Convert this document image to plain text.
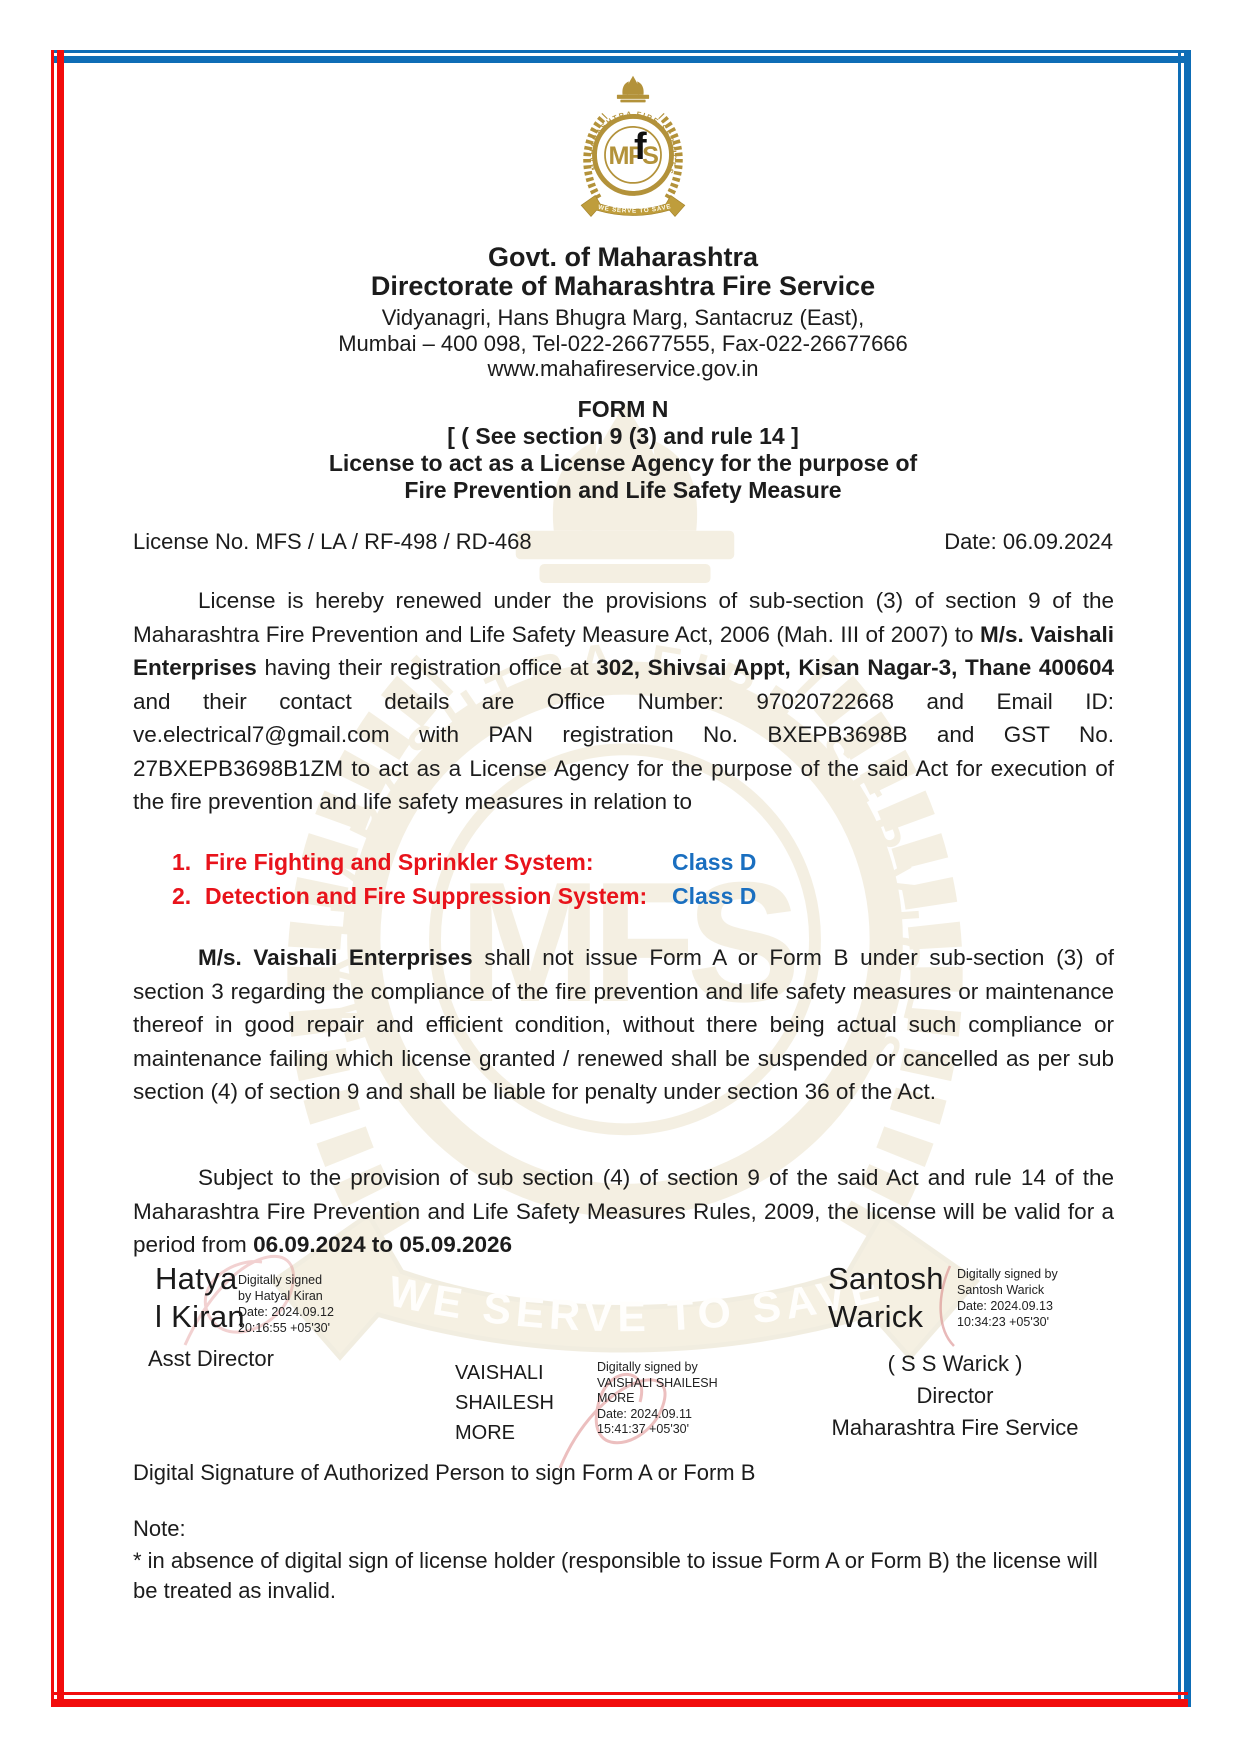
f
Govt. of Maharashtra
Directorate of Maharashtra Fire Service
Vidyanagri, Hans Bhugra Marg, Santacruz (East),
Mumbai – 400 098, Tel-022-26677555, Fax-022-26677666
www.mahafireservice.gov.in
FORM N
[ ( See section 9 (3) and rule 14 ]
License to act as a License Agency for the purpose of
Fire Prevention and Life Safety Measure
License No. MFS / LA / RF-498 / RD-468	Date: 06.09.2024
License is hereby renewed under the provisions of sub-section (3) of section 9 of the Maharashtra Fire Prevention and Life Safety Measure Act, 2006 (Mah. III of 2007) to M/s. Vaishali Enterprises having their registration office at 302, Shivsai Appt, Kisan Nagar-3, Thane 400604 and their contact details are Office Number: 97020722668 and Email ID: ve.electrical7@gmail.com with PAN registration No. BXEPB3698B and GST No. 27BXEPB3698B1ZM to act as a License Agency for the purpose of the said Act for execution of the fire prevention and life safety measures in relation to
1. Fire Fighting and Sprinkler System:	Class D
2. Detection and Fire Suppression System:	Class D
M/s. Vaishali Enterprises shall not issue Form A or Form B under sub-section (3) of section 3 regarding the compliance of the fire prevention and life safety measures or maintenance thereof in good repair and efficient condition, without there being actual such compliance or maintenance failing which license granted / renewed shall be suspended or cancelled as per sub section (4) of section 9 and shall be liable for penalty under section 36 of the Act.
Subject to the provision of sub section (4) of section 9 of the said Act and rule 14 of the Maharashtra Fire Prevention and Life Safety Measures Rules, 2009, the license will be valid for a period from 06.09.2024 to 05.09.2026
Hatya
l Kiran
Digitally signed
by Hatyal Kiran
Date: 2024.09.12
20:16:55 +05'30'
Asst Director
VAISHALI
SHAILESH
MORE
Digitally signed by
VAISHALI SHAILESH
MORE
Date: 2024.09.11
15:41:37 +05'30'
Santosh
Warick
Digitally signed by
Santosh Warick
Date: 2024.09.13
10:34:23 +05'30'
( S S Warick )
Director
Maharashtra Fire Service
Digital Signature of Authorized Person to sign Form A or Form B
Note:
* in absence of digital sign of license holder (responsible to issue Form A or Form B) the license will be treated as invalid.
